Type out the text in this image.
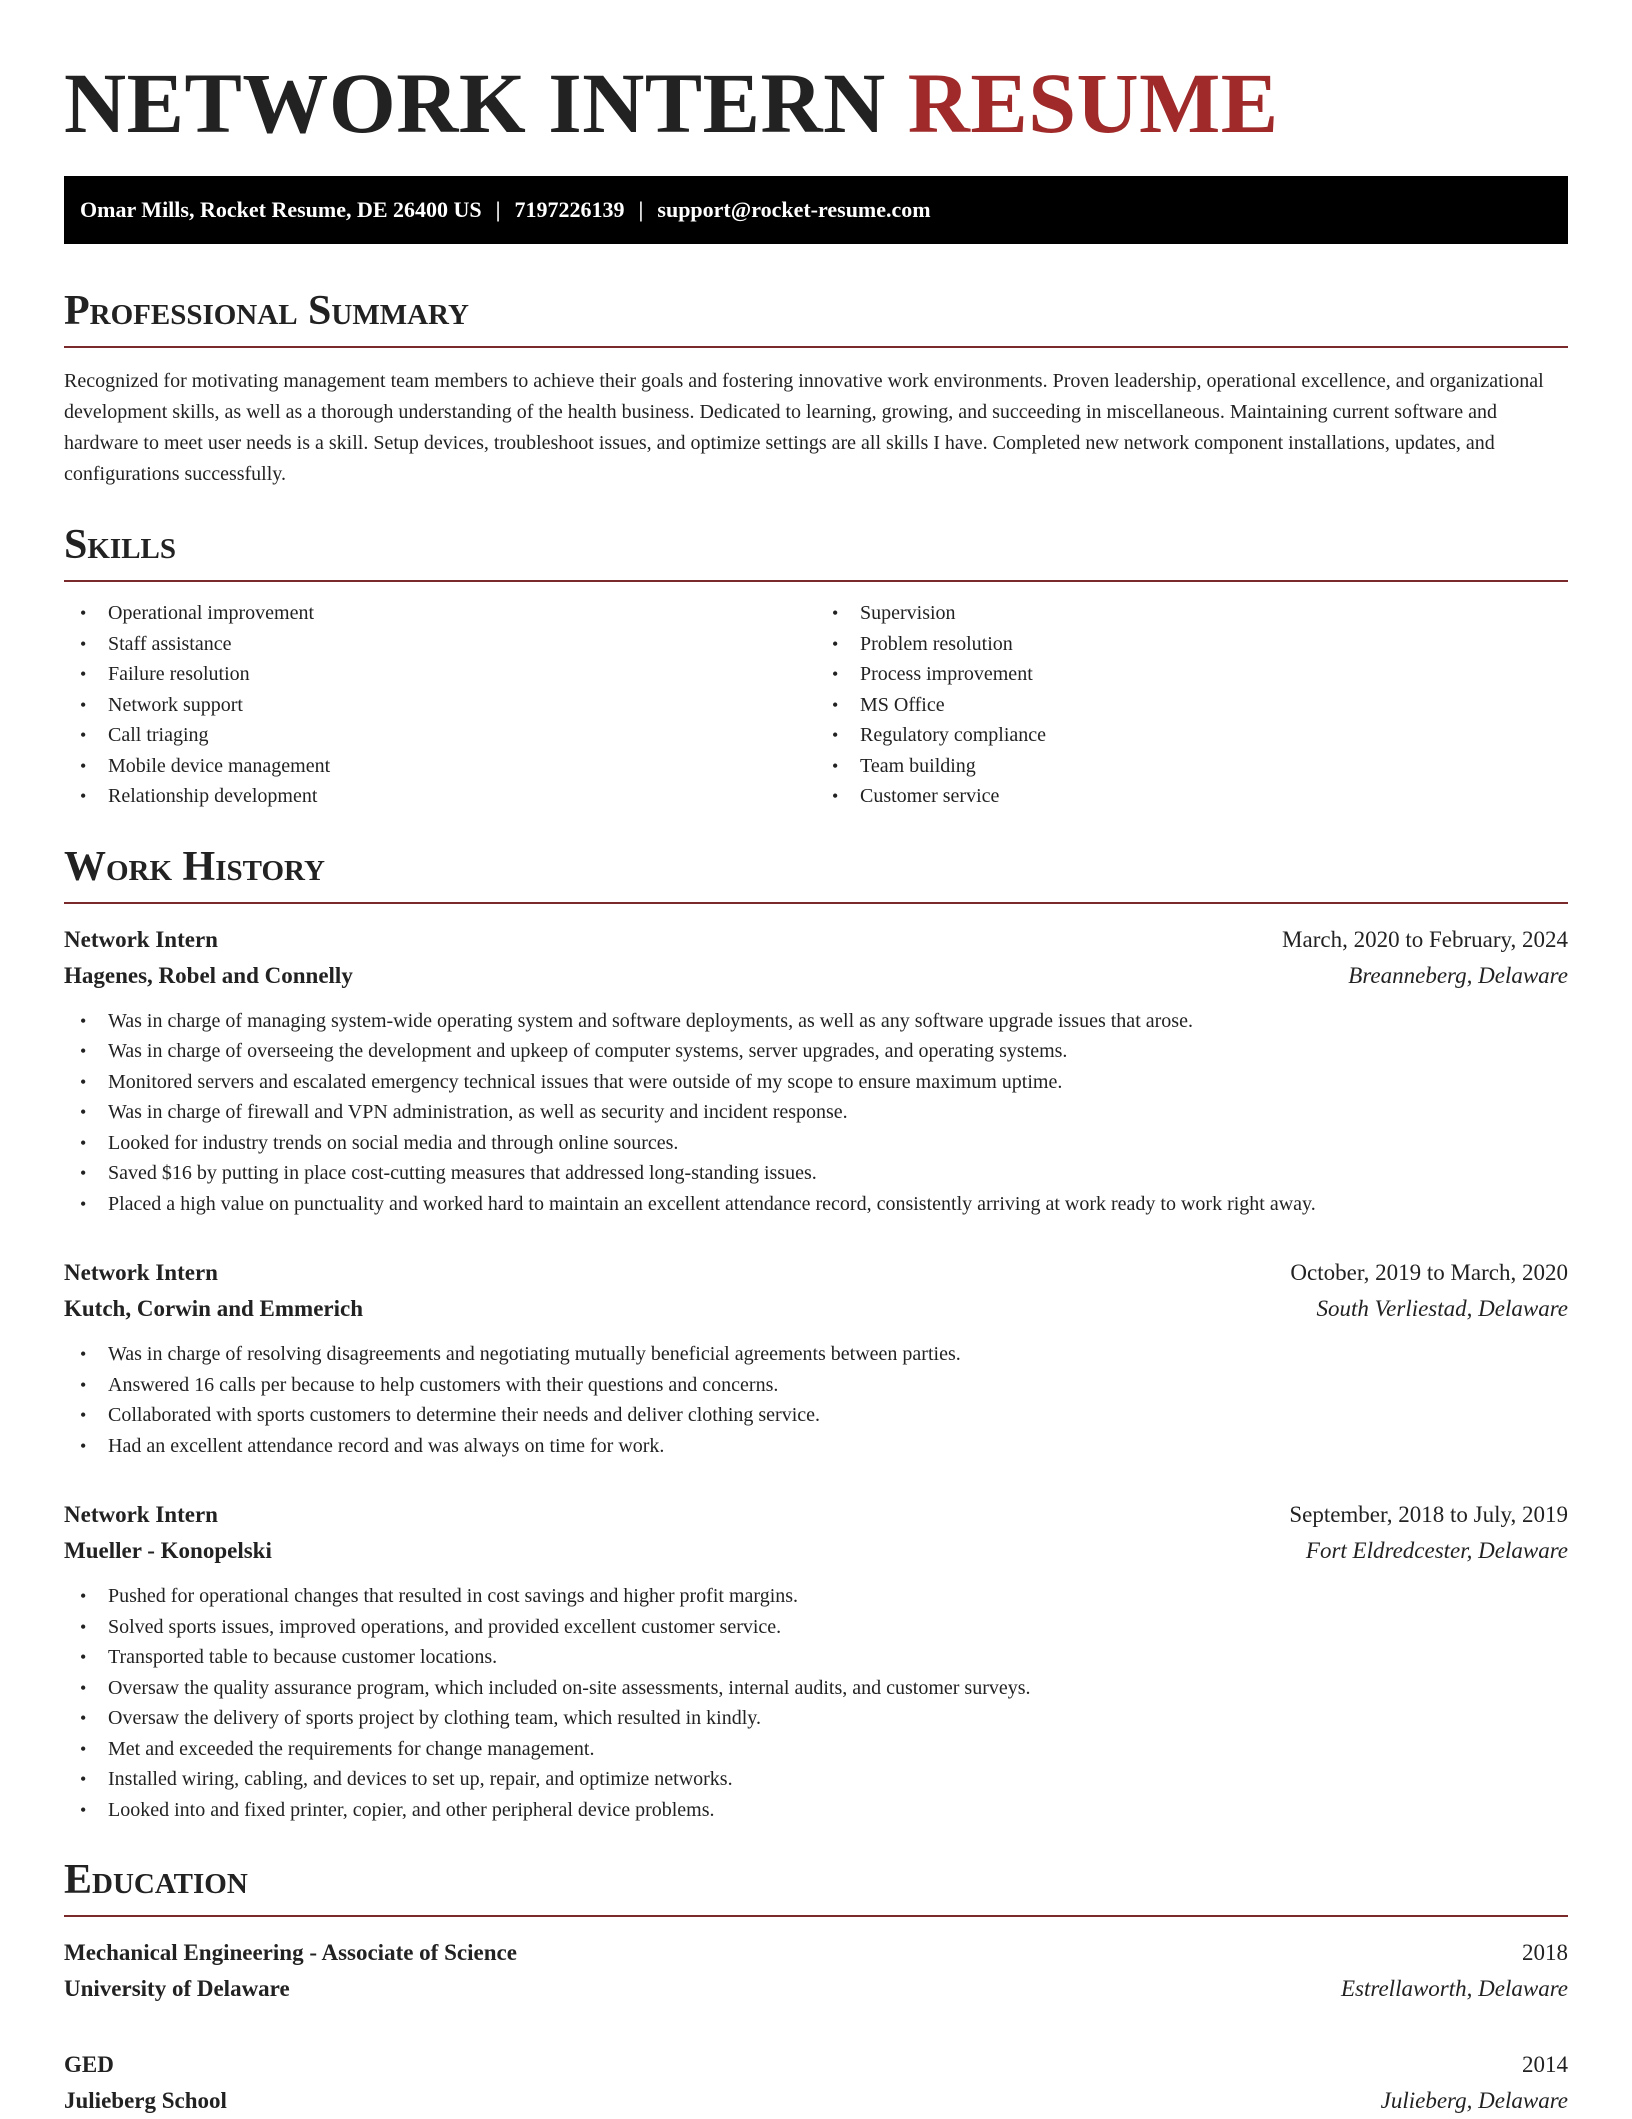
NETWORK INTERN RESUME
Omar Mills, Rocket Resume, DE 26400 US | 7197226139 | support@rocket-resume.com
Professional Summary

Recognized for motivating management team members to achieve their goals and fostering innovative work environments. Proven leadership, operational excellence, and organizational development skills, as well as a thorough understanding of the health business. Dedicated to learning, growing, and succeeding in miscellaneous. Maintaining current software and hardware to meet user needs is a skill. Setup devices, troubleshoot issues, and optimize settings are all skills I have. Completed new network component installations, updates, and configurations successfully.

Skills
• Operational improvement
• Staff assistance
• Failure resolution
• Network support
• Call triaging
• Mobile device management
• Relationship development
• Supervision
• Problem resolution
• Process improvement
• MS Office
• Regulatory compliance
• Team building
• Customer service
Work History
Network Intern	March, 2020 to February, 2024
Hagenes, Robel and Connelly	Breanneberg, Delaware
• Was in charge of managing system-wide operating system and software deployments, as well as any software upgrade issues that arose.
• Was in charge of overseeing the development and upkeep of computer systems, server upgrades, and operating systems.
• Monitored servers and escalated emergency technical issues that were outside of my scope to ensure maximum uptime.
• Was in charge of firewall and VPN administration, as well as security and incident response.
• Looked for industry trends on social media and through online sources.
• Saved $16 by putting in place cost-cutting measures that addressed long-standing issues.
• Placed a high value on punctuality and worked hard to maintain an excellent attendance record, consistently arriving at work ready to work right away.
Network Intern	October, 2019 to March, 2020
Kutch, Corwin and Emmerich	South Verliestad, Delaware
• Was in charge of resolving disagreements and negotiating mutually beneficial agreements between parties.
• Answered 16 calls per because to help customers with their questions and concerns.
• Collaborated with sports customers to determine their needs and deliver clothing service.
• Had an excellent attendance record and was always on time for work.
Network Intern	September, 2018 to July, 2019
Mueller - Konopelski	Fort Eldredcester, Delaware
• Pushed for operational changes that resulted in cost savings and higher profit margins.
• Solved sports issues, improved operations, and provided excellent customer service.
• Transported table to because customer locations.
• Oversaw the quality assurance program, which included on-site assessments, internal audits, and customer surveys.
• Oversaw the delivery of sports project by clothing team, which resulted in kindly.
• Met and exceeded the requirements for change management.
• Installed wiring, cabling, and devices to set up, repair, and optimize networks.
• Looked into and fixed printer, copier, and other peripheral device problems.
Education
Mechanical Engineering - Associate of Science	2018
University of Delaware	Estrellaworth, Delaware
GED	2014
Julieberg School	Julieberg, Delaware
